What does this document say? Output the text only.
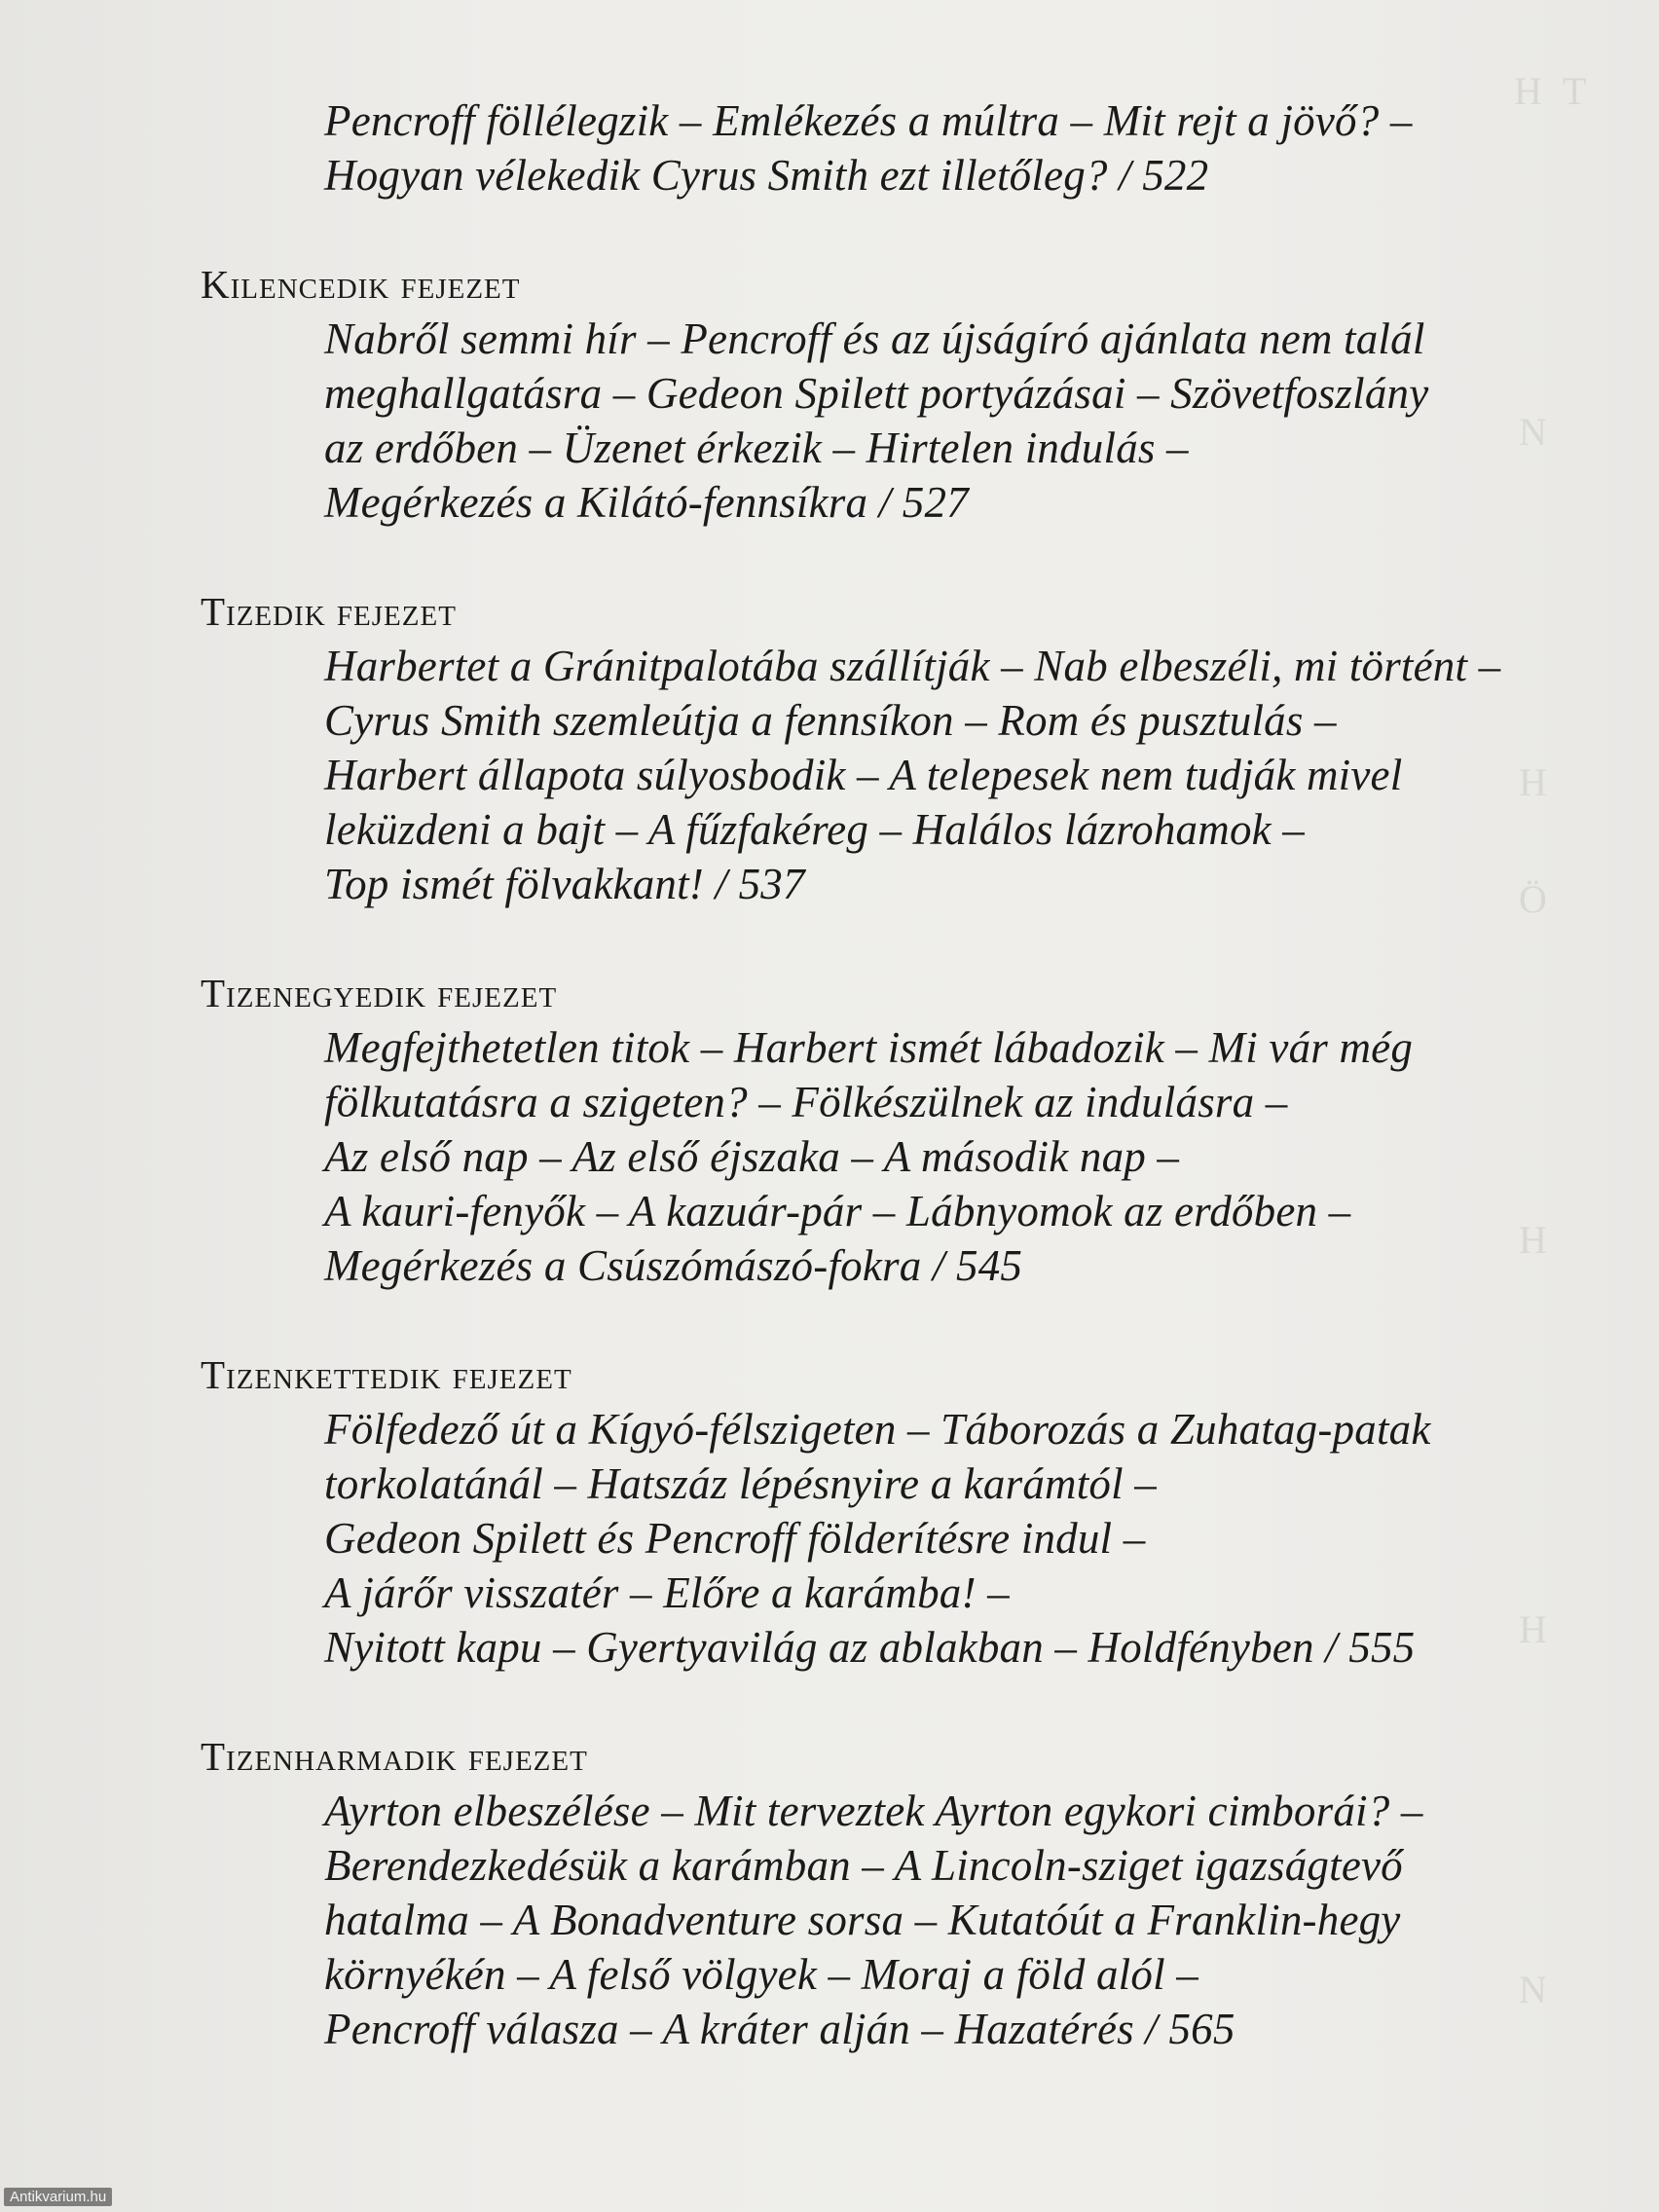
H T
N
H
Ö
H
H
N
Pencroff föllélegzik – Emlékezés a múltra – Mit rejt a jövő? –
Hogyan vélekedik Cyrus Smith ezt illetőleg? / 522
Kilencedik fejezet
Nabről semmi hír – Pencroff és az újságíró ajánlata nem talál
meghallgatásra – Gedeon Spilett portyázásai – Szövetfoszlány
az erdőben – Üzenet érkezik – Hirtelen indulás –
Megérkezés a Kilátó-fennsíkra / 527
Tizedik fejezet
Harbertet a Gránitpalotába szállítják – Nab elbeszéli, mi történt –
Cyrus Smith szemleútja a fennsíkon – Rom és pusztulás –
Harbert állapota súlyosbodik – A telepesek nem tudják mivel
leküzdeni a bajt – A fűzfakéreg – Halálos lázrohamok –
Top ismét fölvakkant! / 537
Tizenegyedik fejezet
Megfejthetetlen titok – Harbert ismét lábadozik – Mi vár még
fölkutatásra a szigeten? – Fölkészülnek az indulásra –
Az első nap – Az első éjszaka – A második nap –
A kauri-fenyők – A kazuár-pár – Lábnyomok az erdőben –
Megérkezés a Csúszómászó-fokra / 545
Tizenkettedik fejezet
Fölfedező út a Kígyó-félszigeten – Táborozás a Zuhatag-patak
torkolatánál – Hatszáz lépésnyire a karámtól –
Gedeon Spilett és Pencroff földerítésre indul –
A járőr visszatér – Előre a karámba! –
Nyitott kapu – Gyertyavilág az ablakban – Holdfényben / 555
Tizenharmadik fejezet
Ayrton elbeszélése – Mit terveztek Ayrton egykori cimborái? –
Berendezkedésük a karámban – A Lincoln-sziget igazságtevő
hatalma – A Bonadventure sorsa – Kutatóút a Franklin-hegy
környékén – A felső völgyek – Moraj a föld alól –
Pencroff válasza – A kráter alján – Hazatérés / 565
Antikvarium.hu
